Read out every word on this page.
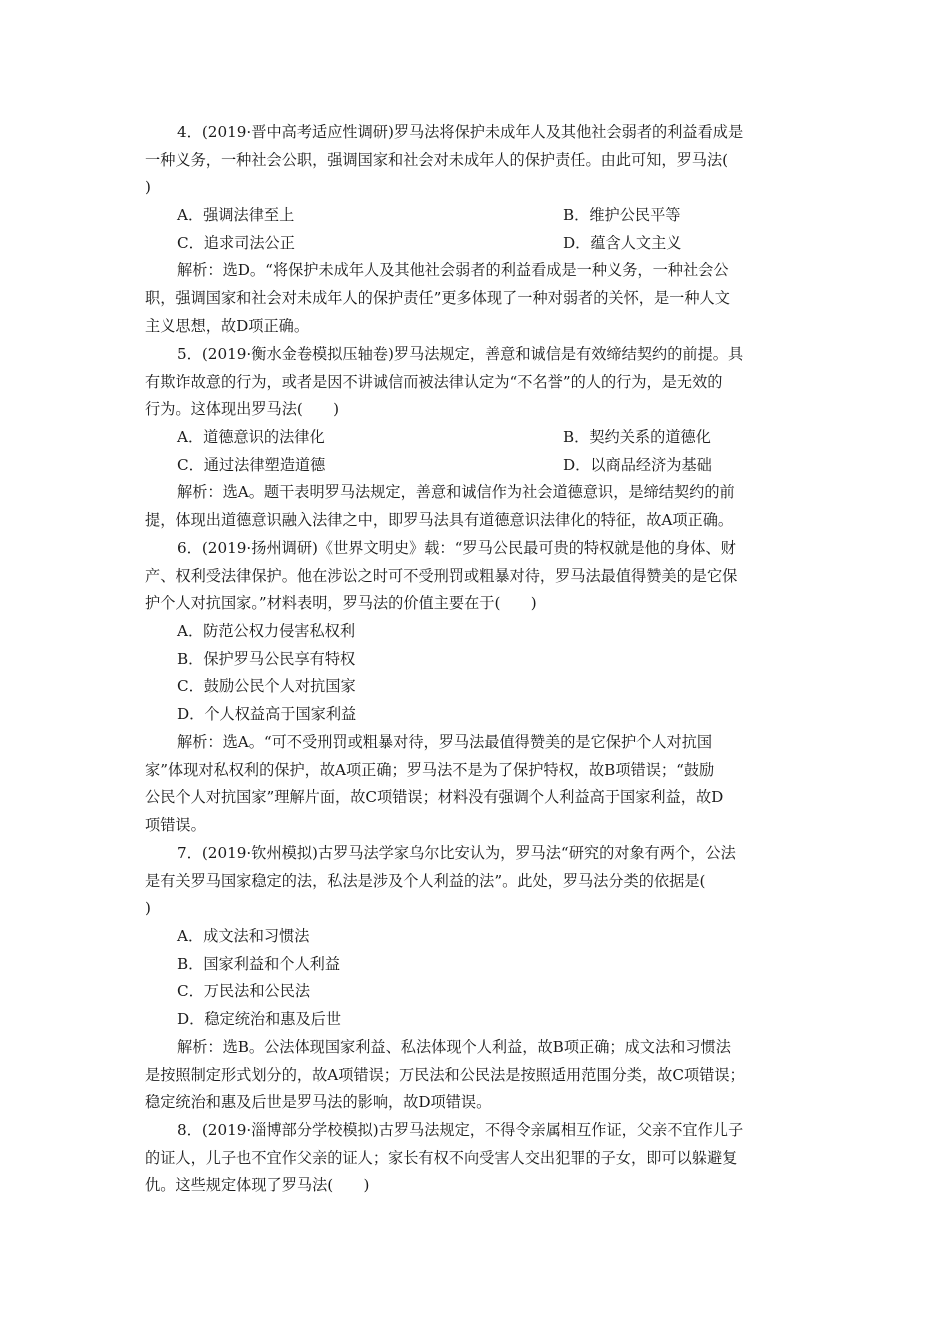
4．(2019·晋中高考适应性调研)罗马法将保护未成年人及其他社会弱者的利益看成是
一种义务，一种社会公职，强调国家和社会对未成年人的保护责任。由此可知，罗马法(
)
A．强调法律至上	B．维护公民平等
C．追求司法公正	D．蕴含人文主义
解析：选D。“将保护未成年人及其他社会弱者的利益看成是一种义务，一种社会公
职，强调国家和社会对未成年人的保护责任”更多体现了一种对弱者的关怀，是一种人文
主义思想，故D项正确。
5．(2019·衡水金卷模拟压轴卷)罗马法规定，善意和诚信是有效缔结契约的前提。具
有欺诈故意的行为，或者是因不讲诚信而被法律认定为“不名誉”的人的行为，是无效的
行为。这体现出罗马法(　　)
A．道德意识的法律化	B．契约关系的道德化
C．通过法律塑造道德	D．以商品经济为基础
解析：选A。题干表明罗马法规定，善意和诚信作为社会道德意识，是缔结契约的前
提，体现出道德意识融入法律之中，即罗马法具有道德意识法律化的特征，故A项正确。
6．(2019·扬州调研)《世界文明史》载：“罗马公民最可贵的特权就是他的身体、财
产、权利受法律保护。他在涉讼之时可不受刑罚或粗暴对待，罗马法最值得赞美的是它保
护个人对抗国家。”材料表明，罗马法的价值主要在于(　　)
A．防范公权力侵害私权利
B．保护罗马公民享有特权
C．鼓励公民个人对抗国家
D．个人权益高于国家利益
解析：选A。“可不受刑罚或粗暴对待，罗马法最值得赞美的是它保护个人对抗国
家”体现对私权利的保护，故A项正确；罗马法不是为了保护特权，故B项错误；“鼓励
公民个人对抗国家”理解片面，故C项错误；材料没有强调个人利益高于国家利益，故D
项错误。
7．(2019·钦州模拟)古罗马法学家乌尔比安认为，罗马法“研究的对象有两个，公法
是有关罗马国家稳定的法，私法是涉及个人利益的法”。此处，罗马法分类的依据是(
)
A．成文法和习惯法
B．国家利益和个人利益
C．万民法和公民法
D．稳定统治和惠及后世
解析：选B。公法体现国家利益、私法体现个人利益，故B项正确；成文法和习惯法
是按照制定形式划分的，故A项错误；万民法和公民法是按照适用范围分类，故C项错误；
稳定统治和惠及后世是罗马法的影响，故D项错误。
8．(2019·淄博部分学校模拟)古罗马法规定，不得令亲属相互作证，父亲不宜作儿子
的证人，儿子也不宜作父亲的证人；家长有权不向受害人交出犯罪的子女，即可以躲避复
仇。这些规定体现了罗马法(　　)
